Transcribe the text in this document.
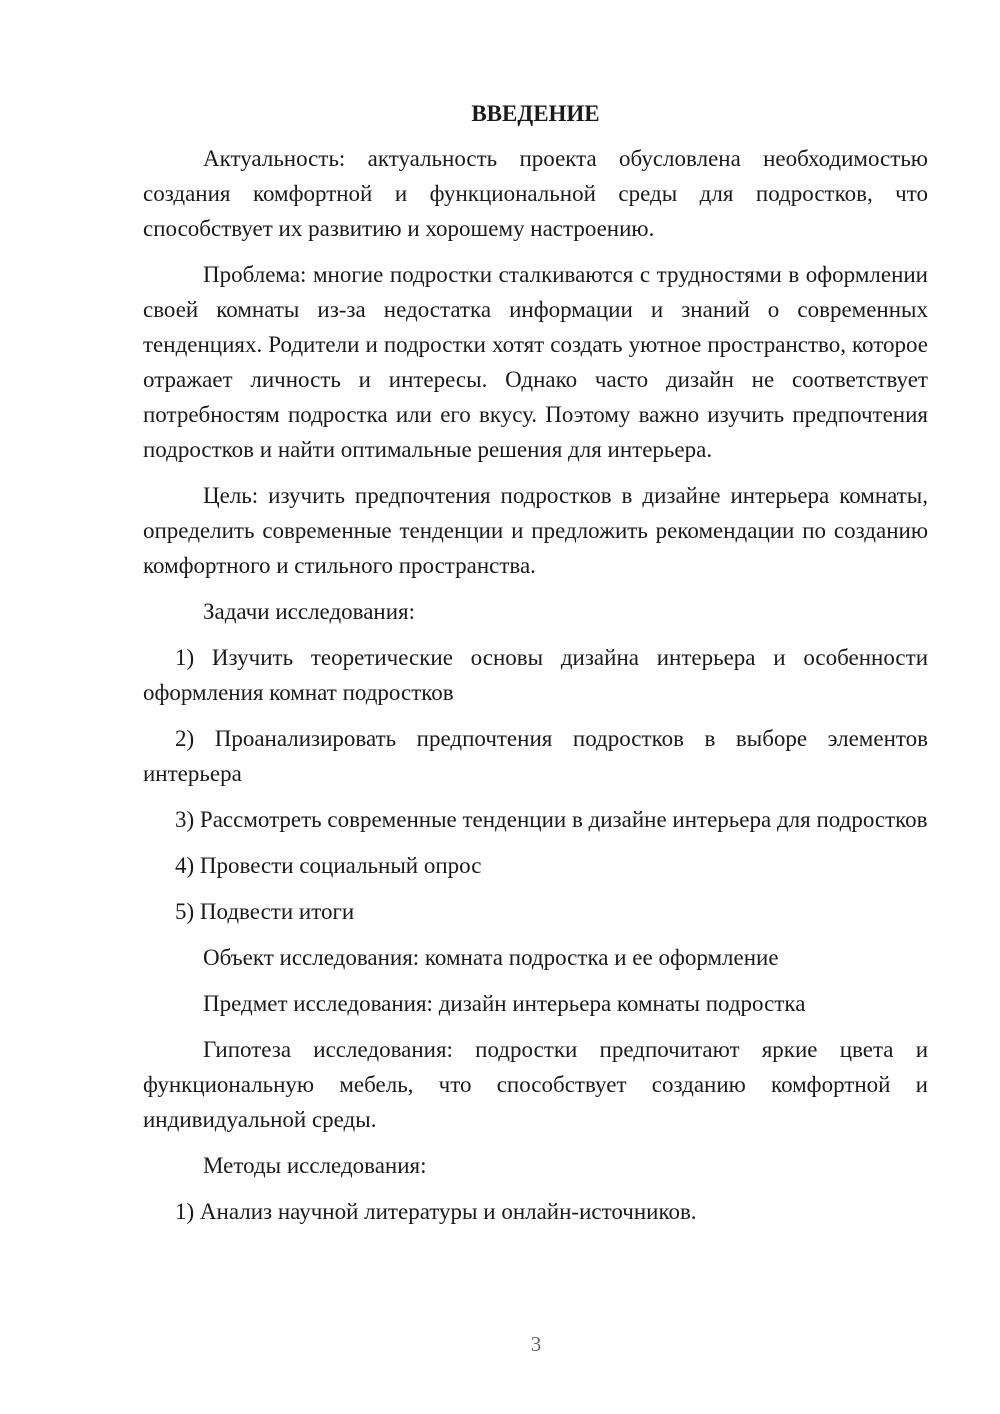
ВВЕДЕНИЕ
Актуальность: актуальность проекта обусловлена необходимостью создания комфортной и функциональной среды для подростков, что способствует их развитию и хорошему настроению.
Проблема: многие подростки сталкиваются с трудностями в оформлении своей комнаты из-за недостатка информации и знаний о современных тенденциях. Родители и подростки хотят создать уютное пространство, которое отражает личность и интересы. Однако часто дизайн не соответствует потребностям подростка или его вкусу. Поэтому важно изучить предпочтения подростков и найти оптимальные решения для интерьера.
Цель: изучить предпочтения подростков в дизайне интерьера комнаты, определить современные тенденции и предложить рекомендации по созданию комфортного и стильного пространства.
Задачи исследования:
1) Изучить теоретические основы дизайна интерьера и особенности оформления комнат подростков
2) Проанализировать предпочтения подростков в выборе элементов интерьера
3) Рассмотреть современные тенденции в дизайне интерьера для подростков
4) Провести социальный опрос
5) Подвести итоги
Объект исследования: комната подростка и ее оформление
Предмет исследования: дизайн интерьера комнаты подростка
Гипотеза исследования: подростки предпочитают яркие цвета и функциональную мебель, что способствует созданию комфортной и индивидуальной среды.
Методы исследования:
1) Анализ научной литературы и онлайн-источников.
3
